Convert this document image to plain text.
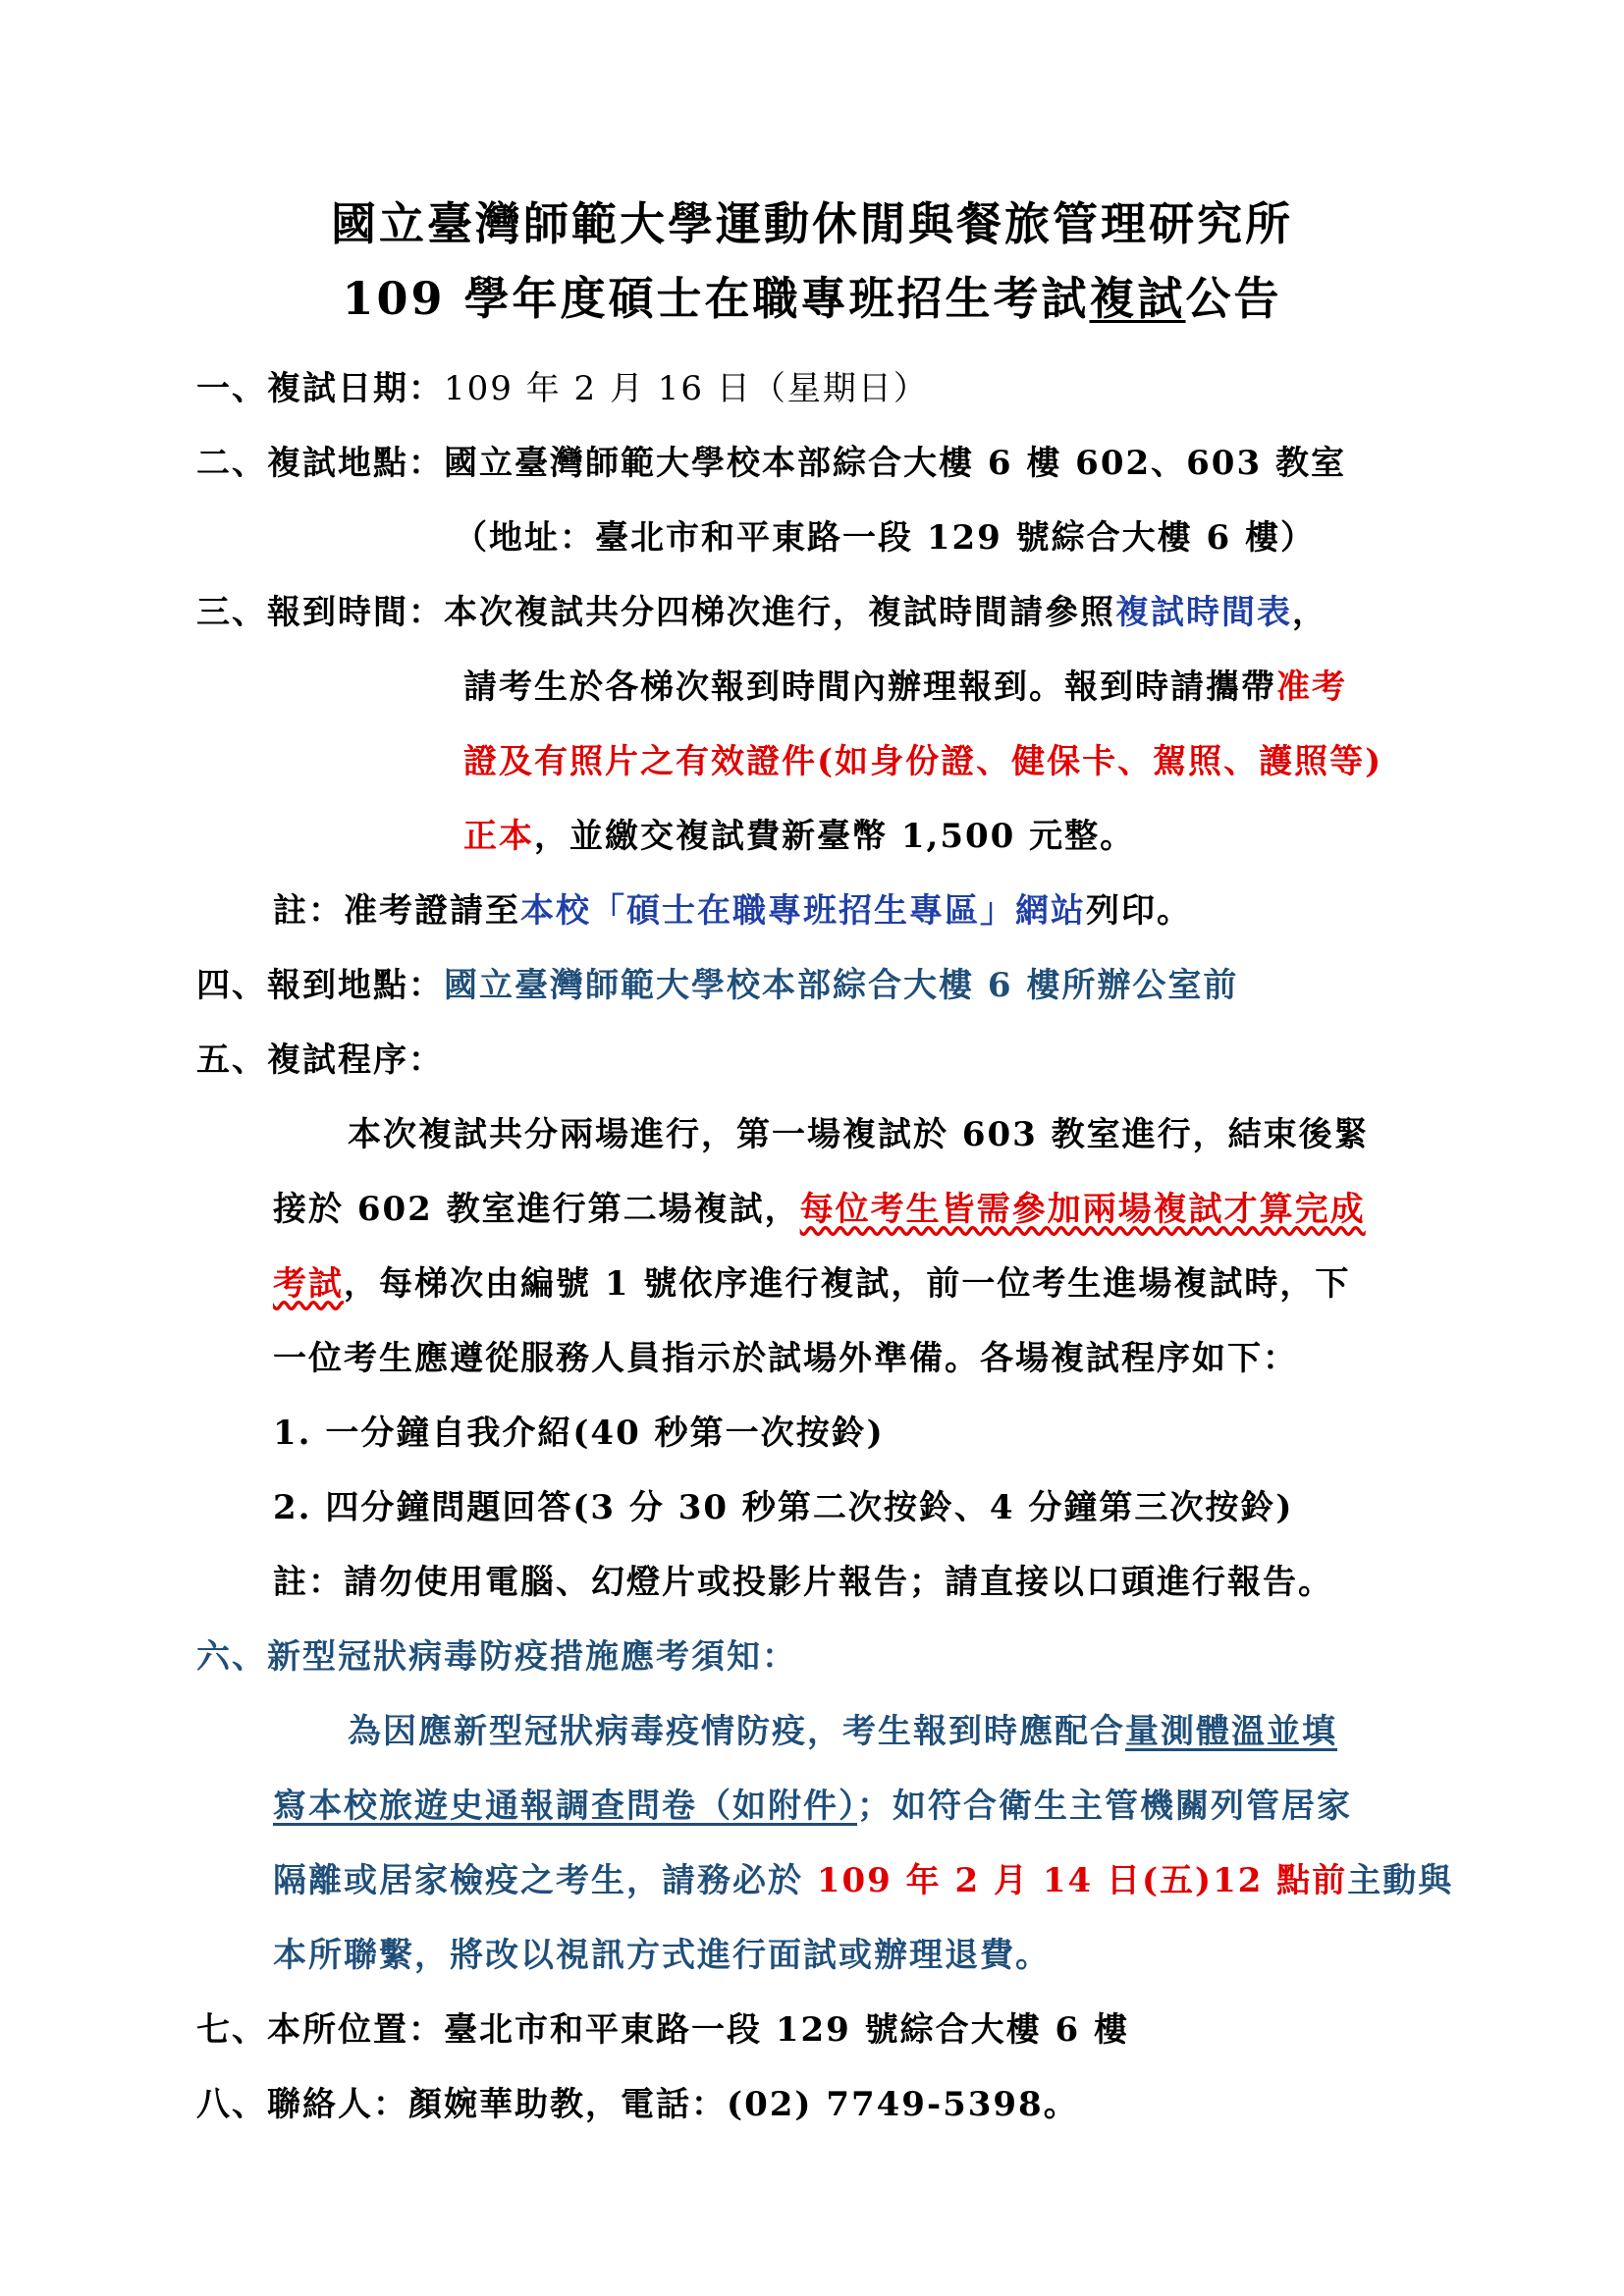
國立臺灣師範大學運動休閒與餐旅管理研究所
109 學年度碩士在職專班招生考試複試公告
一、複試日期：109 年 2 月 16 日（星期日）
二、複試地點：國立臺灣師範大學校本部綜合大樓 6 樓 602、603 教室
（地址：臺北市和平東路一段 129 號綜合大樓 6 樓）
三、報到時間：本次複試共分四梯次進行，複試時間請參照複試時間表，
請考生於各梯次報到時間內辦理報到。報到時請攜帶准考
證及有照片之有效證件(如身份證、健保卡、駕照、護照等)
正本，並繳交複試費新臺幣 1,500 元整。
註：准考證請至本校「碩士在職專班招生專區」網站列印。
四、報到地點：國立臺灣師範大學校本部綜合大樓 6 樓所辦公室前
五、複試程序：
本次複試共分兩場進行，第一場複試於 603 教室進行，結束後緊
接於 602 教室進行第二場複試，每位考生皆需參加兩場複試才算完成
考試，每梯次由編號 1 號依序進行複試，前一位考生進場複試時，下
一位考生應遵從服務人員指示於試場外準備。各場複試程序如下：
1. 一分鐘自我介紹(40 秒第一次按鈴)
2. 四分鐘問題回答(3 分 30 秒第二次按鈴、4 分鐘第三次按鈴)
註：請勿使用電腦、幻燈片或投影片報告；請直接以口頭進行報告。
六、新型冠狀病毒防疫措施應考須知：
為因應新型冠狀病毒疫情防疫，考生報到時應配合量測體溫並填
寫本校旅遊史通報調查問卷（如附件）；如符合衛生主管機關列管居家
隔離或居家檢疫之考生，請務必於 109 年 2 月 14 日(五)12 點前主動與
本所聯繫，將改以視訊方式進行面試或辦理退費。
七、本所位置：臺北市和平東路一段 129 號綜合大樓 6 樓
八、聯絡人：顏婉華助教，電話：(02) 7749-5398。
